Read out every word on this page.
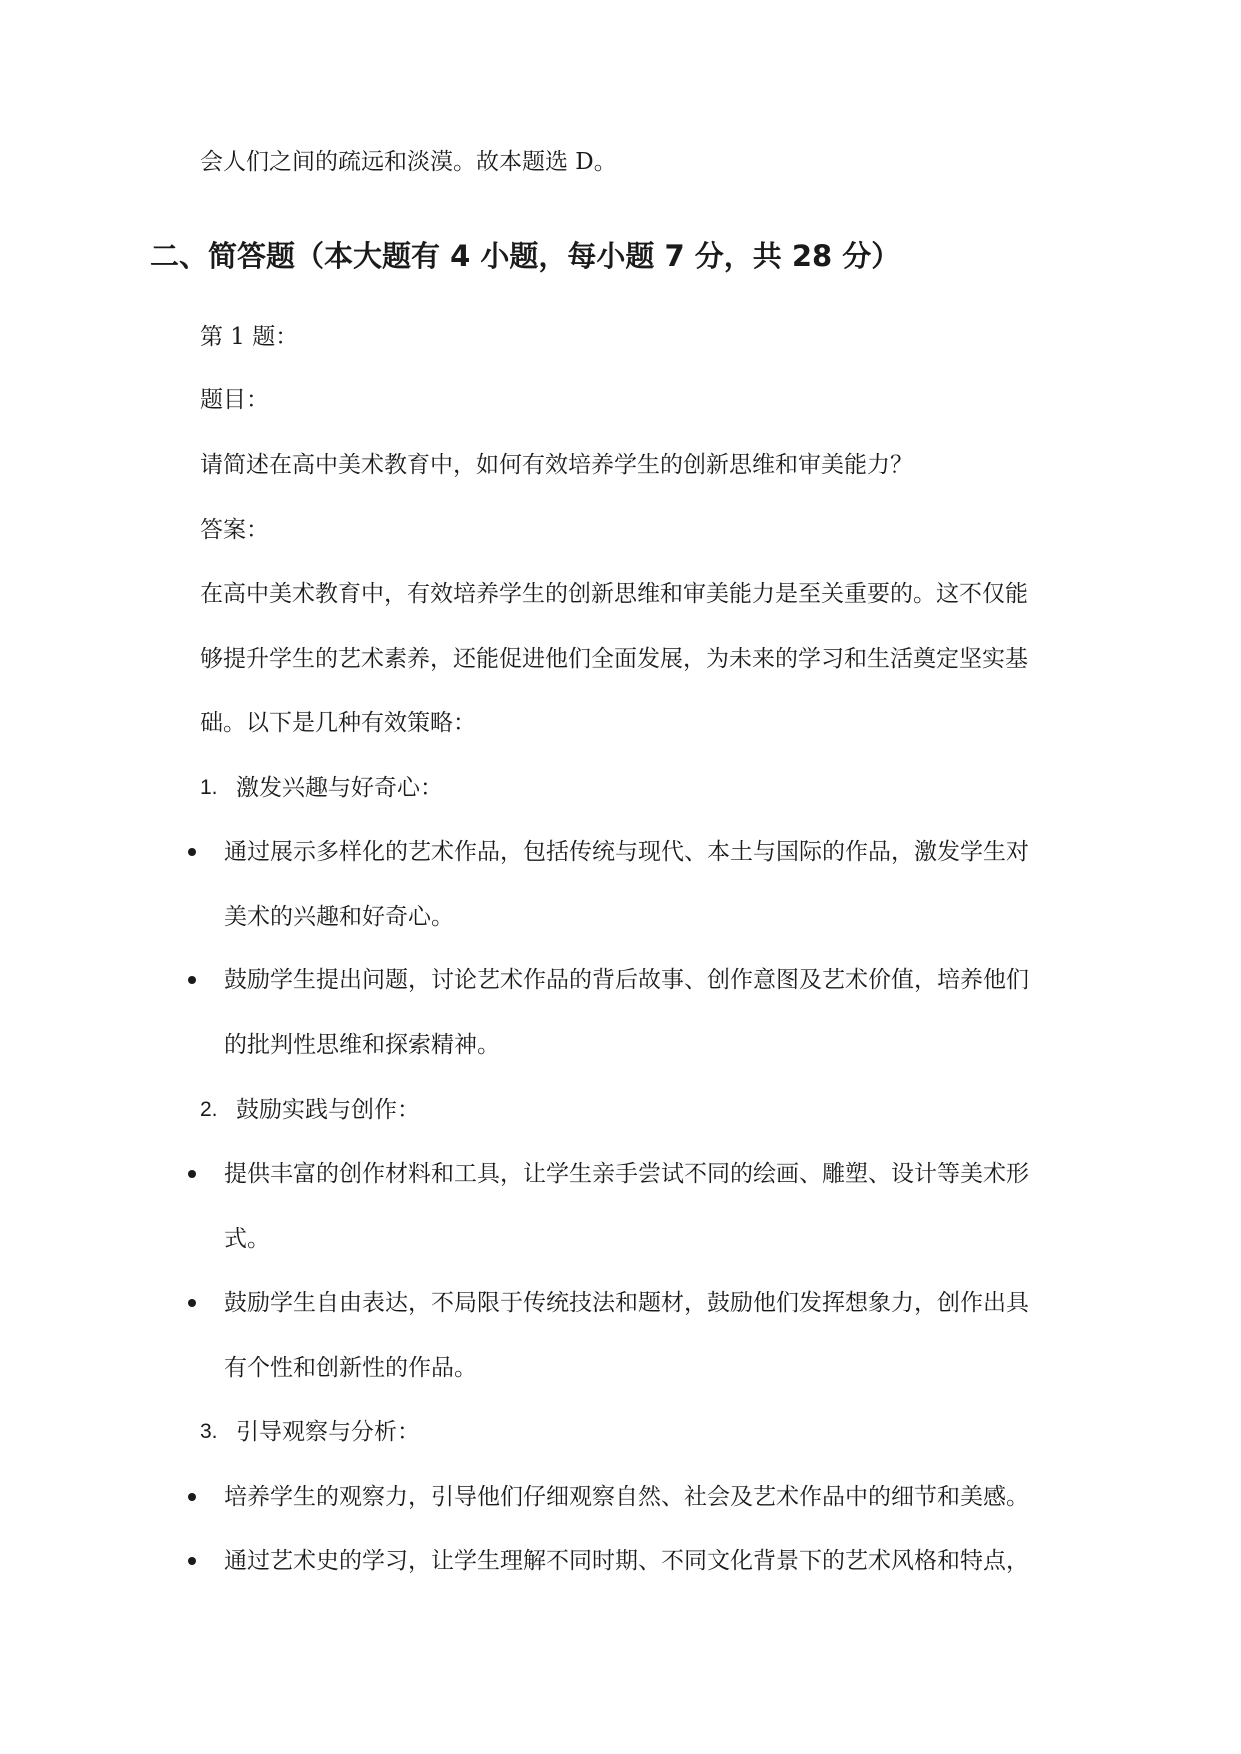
会人们之间的疏远和淡漠。故本题选 D。
二、简答题（本大题有 4 小题，每小题 7 分，共 28 分）
第 1 题：
题目：
请简述在高中美术教育中，如何有效培养学生的创新思维和审美能力？
答案：
在高中美术教育中，有效培养学生的创新思维和审美能力是至关重要的。这不仅能
够提升学生的艺术素养，还能促进他们全面发展，为未来的学习和生活奠定坚实基
础。以下是几种有效策略：
1. 激发兴趣与好奇心：
通过展示多样化的艺术作品，包括传统与现代、本土与国际的作品，激发学生对
美术的兴趣和好奇心。
鼓励学生提出问题，讨论艺术作品的背后故事、创作意图及艺术价值，培养他们
的批判性思维和探索精神。
2. 鼓励实践与创作：
提供丰富的创作材料和工具，让学生亲手尝试不同的绘画、雕塑、设计等美术形
式。
鼓励学生自由表达，不局限于传统技法和题材，鼓励他们发挥想象力，创作出具
有个性和创新性的作品。
3. 引导观察与分析：
培养学生的观察力，引导他们仔细观察自然、社会及艺术作品中的细节和美感。
通过艺术史的学习，让学生理解不同时期、不同文化背景下的艺术风格和特点，
